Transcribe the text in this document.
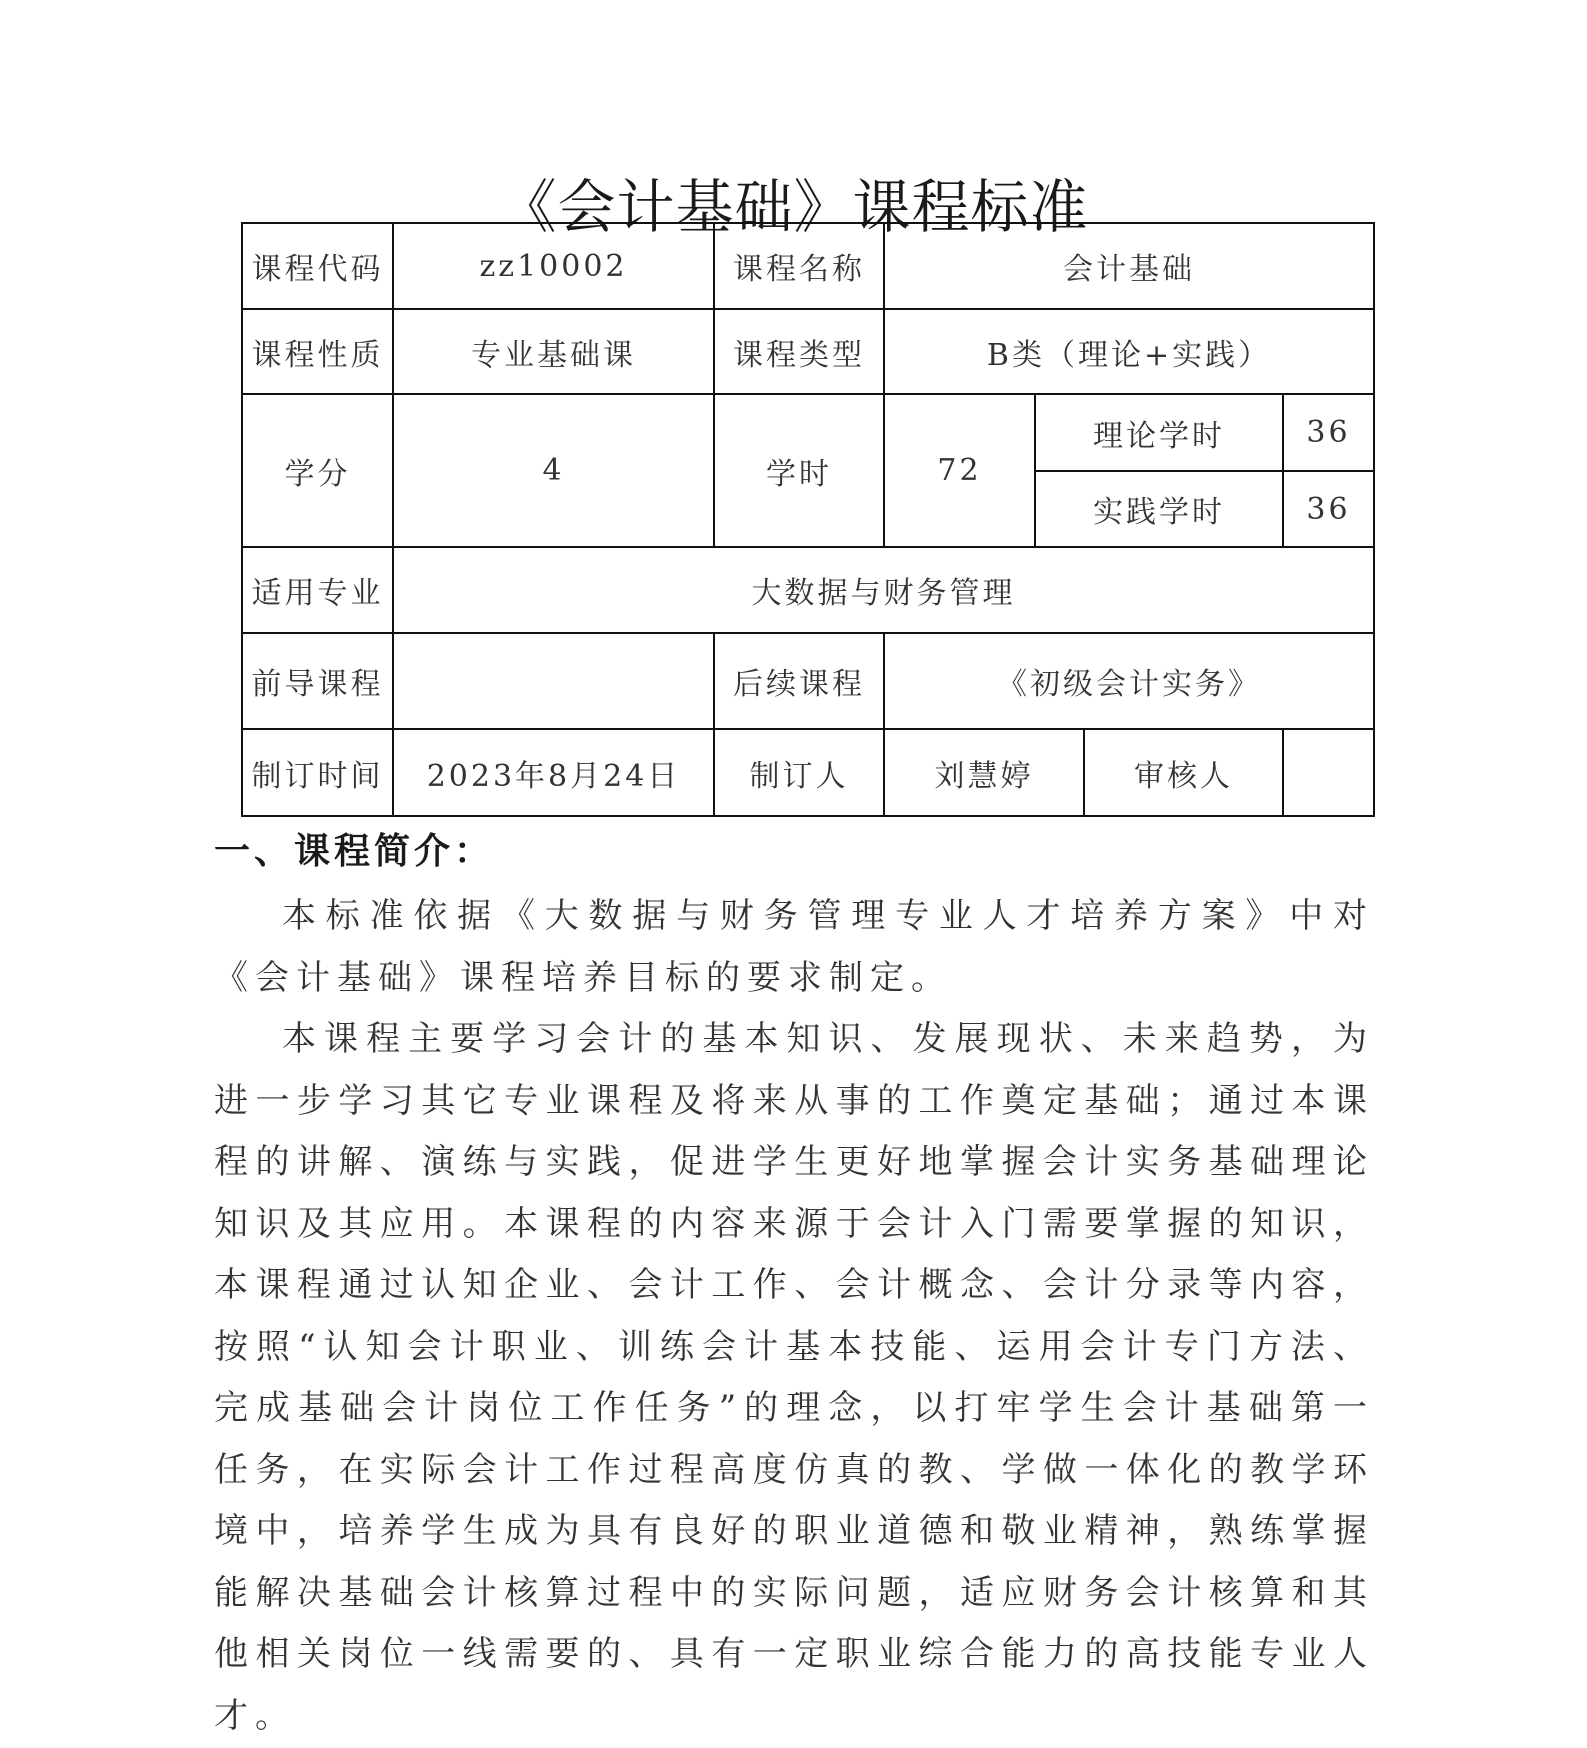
《会计基础》课程标准
课程代码	zz10002	课程名称	会计基础			
课程性质	专业基础课	课程类型	B类（理论+实践）			
学分	4	学时	72	理论学时		36
				实践学时		36
适用专业	大数据与财务管理					
前导课程		后续课程	《初级会计实务》			
制订时间	2023年8月24日	制订人	刘慧婷		审核人	
一、课程简介：

本标准依据《大数据与财务管理专业人才培养方案》中对《会计基础》课程培养目标的要求制定。

本课程主要学习会计的基本知识、发展现状、未来趋势，为进一步学习其它专业课程及将来从事的工作奠定基础；通过本课程的讲解、演练与实践，促进学生更好地掌握会计实务基础理论知识及其应用。本课程的内容来源于会计入门需要掌握的知识，本课程通过认知企业、会计工作、会计概念、会计分录等内容，按照“认知会计职业、训练会计基本技能、运用会计专门方法、完成基础会计岗位工作任务”的理念，以打牢学生会计基础第一任务，在实际会计工作过程高度仿真的教、学做一体化的教学环境中，培养学生成为具有良好的职业道德和敬业精神，熟练掌握能解决基础会计核算过程中的实际问题，适应财务会计核算和其他相关岗位一线需要的、具有一定职业综合能力的高技能专业人才。
